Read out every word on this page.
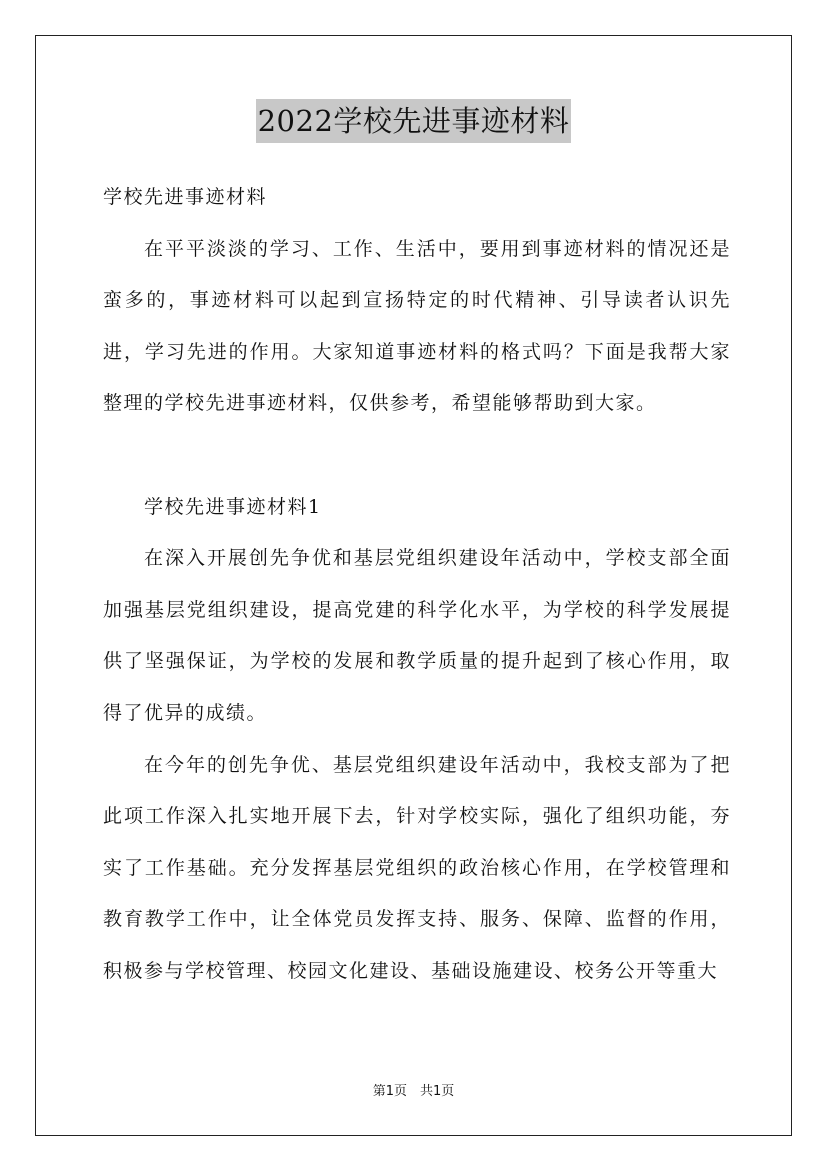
2022学校先进事迹材料

学校先进事迹材料

在平平淡淡的学习、工作、生活中，要用到事迹材料的情况还是蛮多的，事迹材料可以起到宣扬特定的时代精神、引导读者认识先进，学习先进的作用。大家知道事迹材料的格式吗？下面是我帮大家整理的学校先进事迹材料，仅供参考，希望能够帮助到大家。

学校先进事迹材料1

在深入开展创先争优和基层党组织建设年活动中，学校支部全面加强基层党组织建设，提高党建的科学化水平，为学校的科学发展提供了坚强保证，为学校的发展和教学质量的提升起到了核心作用，取得了优异的成绩。

在今年的创先争优、基层党组织建设年活动中，我校支部为了把此项工作深入扎实地开展下去，针对学校实际，强化了组织功能，夯实了工作基础。充分发挥基层党组织的政治核心作用，在学校管理和教育教学工作中，让全体党员发挥支持、服务、保障、监督的作用，积极参与学校管理、校园文化建设、基础设施建设、校务公开等重大

第1页　共1页
